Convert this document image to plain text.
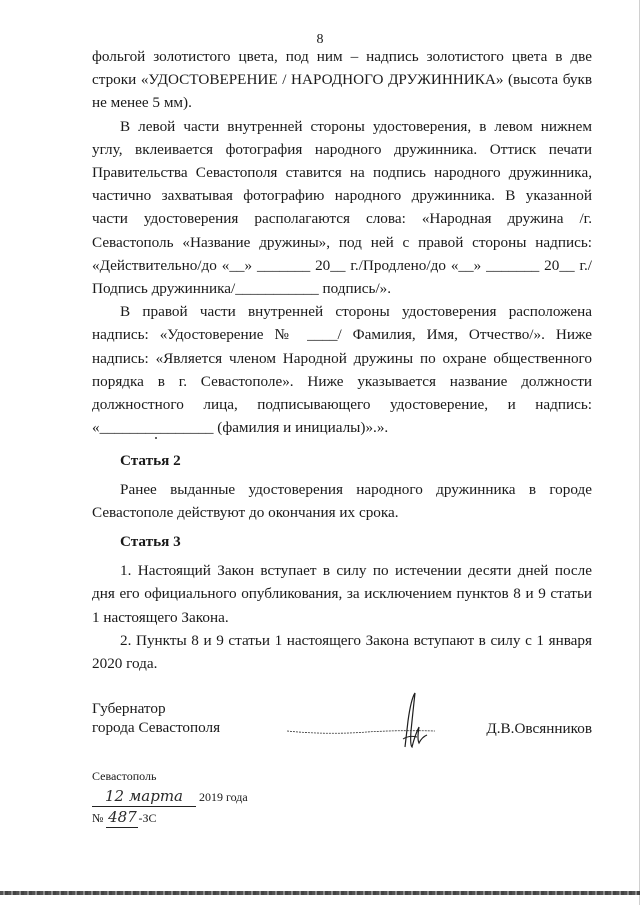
8

фольгой золотистого цвета, под ним – надпись золотистого цвета в две строки «УДОСТОВЕРЕНИЕ / НАРОДНОГО ДРУЖИННИКА» (высота букв не менее 5 мм).

В левой части внутренней стороны удостоверения, в левом нижнем углу, вклеивается фотография народного дружинника. Оттиск печати Правительства Севастополя ставится на подпись народного дружинника, частично захватывая фотографию народного дружинника. В указанной части удостоверения располагаются слова: «Народная дружина /г. Севастополь «Название дружины», под ней с правой стороны надпись: «Действительно/до «__» _______ 20__ г./Продлено/до «__» _______ 20__ г./Подпись дружинника/___________ подпись/».

В правой части внутренней стороны удостоверения расположена надпись: «Удостоверение № ____/ Фамилия, Имя, Отчество/». Ниже надпись: «Является членом Народной дружины по охране общественного порядка в г. Севастополе». Ниже указывается название должности должностного лица, подписывающего удостоверение, и надпись: «_______________ (фамилия и инициалы)».».

Статья 2

Ранее выданные удостоверения народного дружинника в городе Севастополе действуют до окончания их срока.

Статья 3

1. Настоящий Закон вступает в силу по истечении десяти дней после дня его официального опубликования, за исключением пунктов 8 и 9 статьи 1 настоящего Закона.

2. Пункты 8 и 9 статьи 1 настоящего Закона вступают в силу с 1 января 2020 года.

Губернатор
города Севастополя	Д.В.Овсянников
Севастополь
12 марта 2019 года
№ 487 -ЗС
